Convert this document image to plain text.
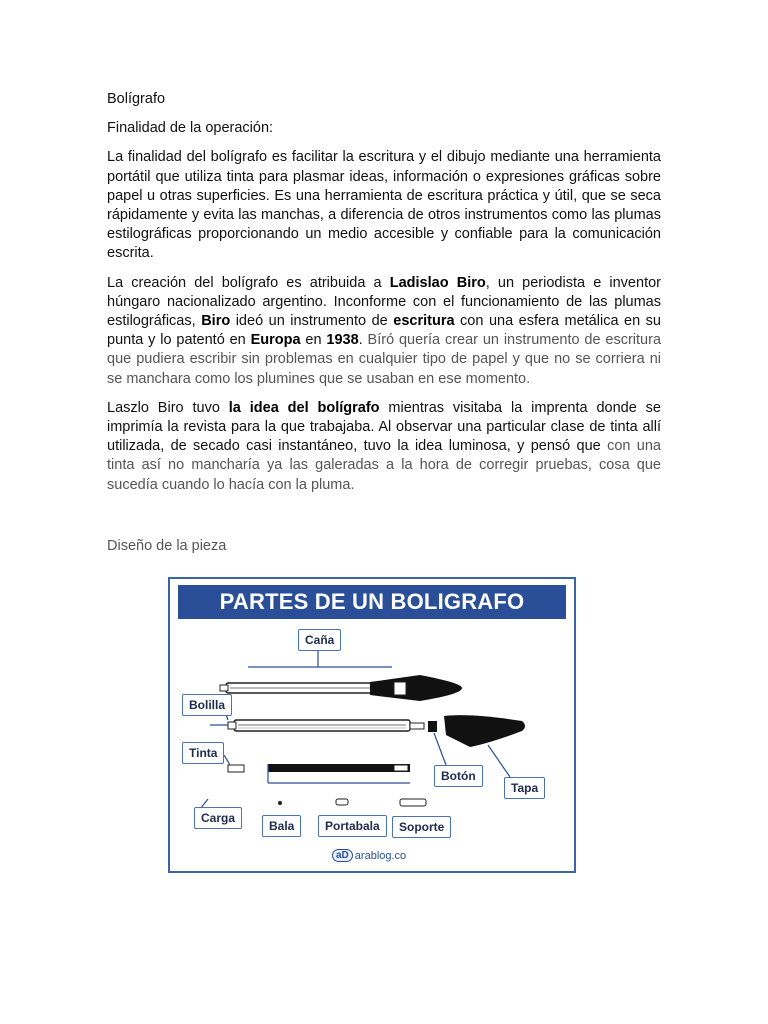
Bolígrafo

Finalidad de la operación:

La finalidad del bolígrafo es facilitar la escritura y el dibujo mediante una herramienta portátil que utiliza tinta para plasmar ideas, información o expresiones gráficas sobre papel u otras superficies. Es una herramienta de escritura práctica y útil, que se seca rápidamente y evita las manchas, a diferencia de otros instrumentos como las plumas estilográficas proporcionando un medio accesible y confiable para la comunicación escrita.

La creación del bolígrafo es atribuida a Ladislao Biro, un periodista e inventor húngaro nacionalizado argentino. Inconforme con el funcionamiento de las plumas estilográficas, Biro ideó un instrumento de escritura con una esfera metálica en su punta y lo patentó en Europa en 1938. Bíró quería crear un instrumento de escritura que pudiera escribir sin problemas en cualquier tipo de papel y que no se corriera ni se manchara como los plumines que se usaban en ese momento.

Laszlo Biro tuvo la idea del bolígrafo mientras visitaba la imprenta donde se imprimía la revista para la que trabajaba. Al observar una particular clase de tinta allí utilizada, de secado casi instantáneo, tuvo la idea luminosa, y pensó que con una tinta así no mancharía ya las galeradas a la hora de corregir pruebas, cosa que sucedía cuando lo hacía con la pluma.

Diseño de la pieza

PARTES DE UN BOLIGRAFO
Caña
Bolilla
Tinta
Botón
Tapa
Carga
Bala	Portabala	Soporte
aD arablog.co
